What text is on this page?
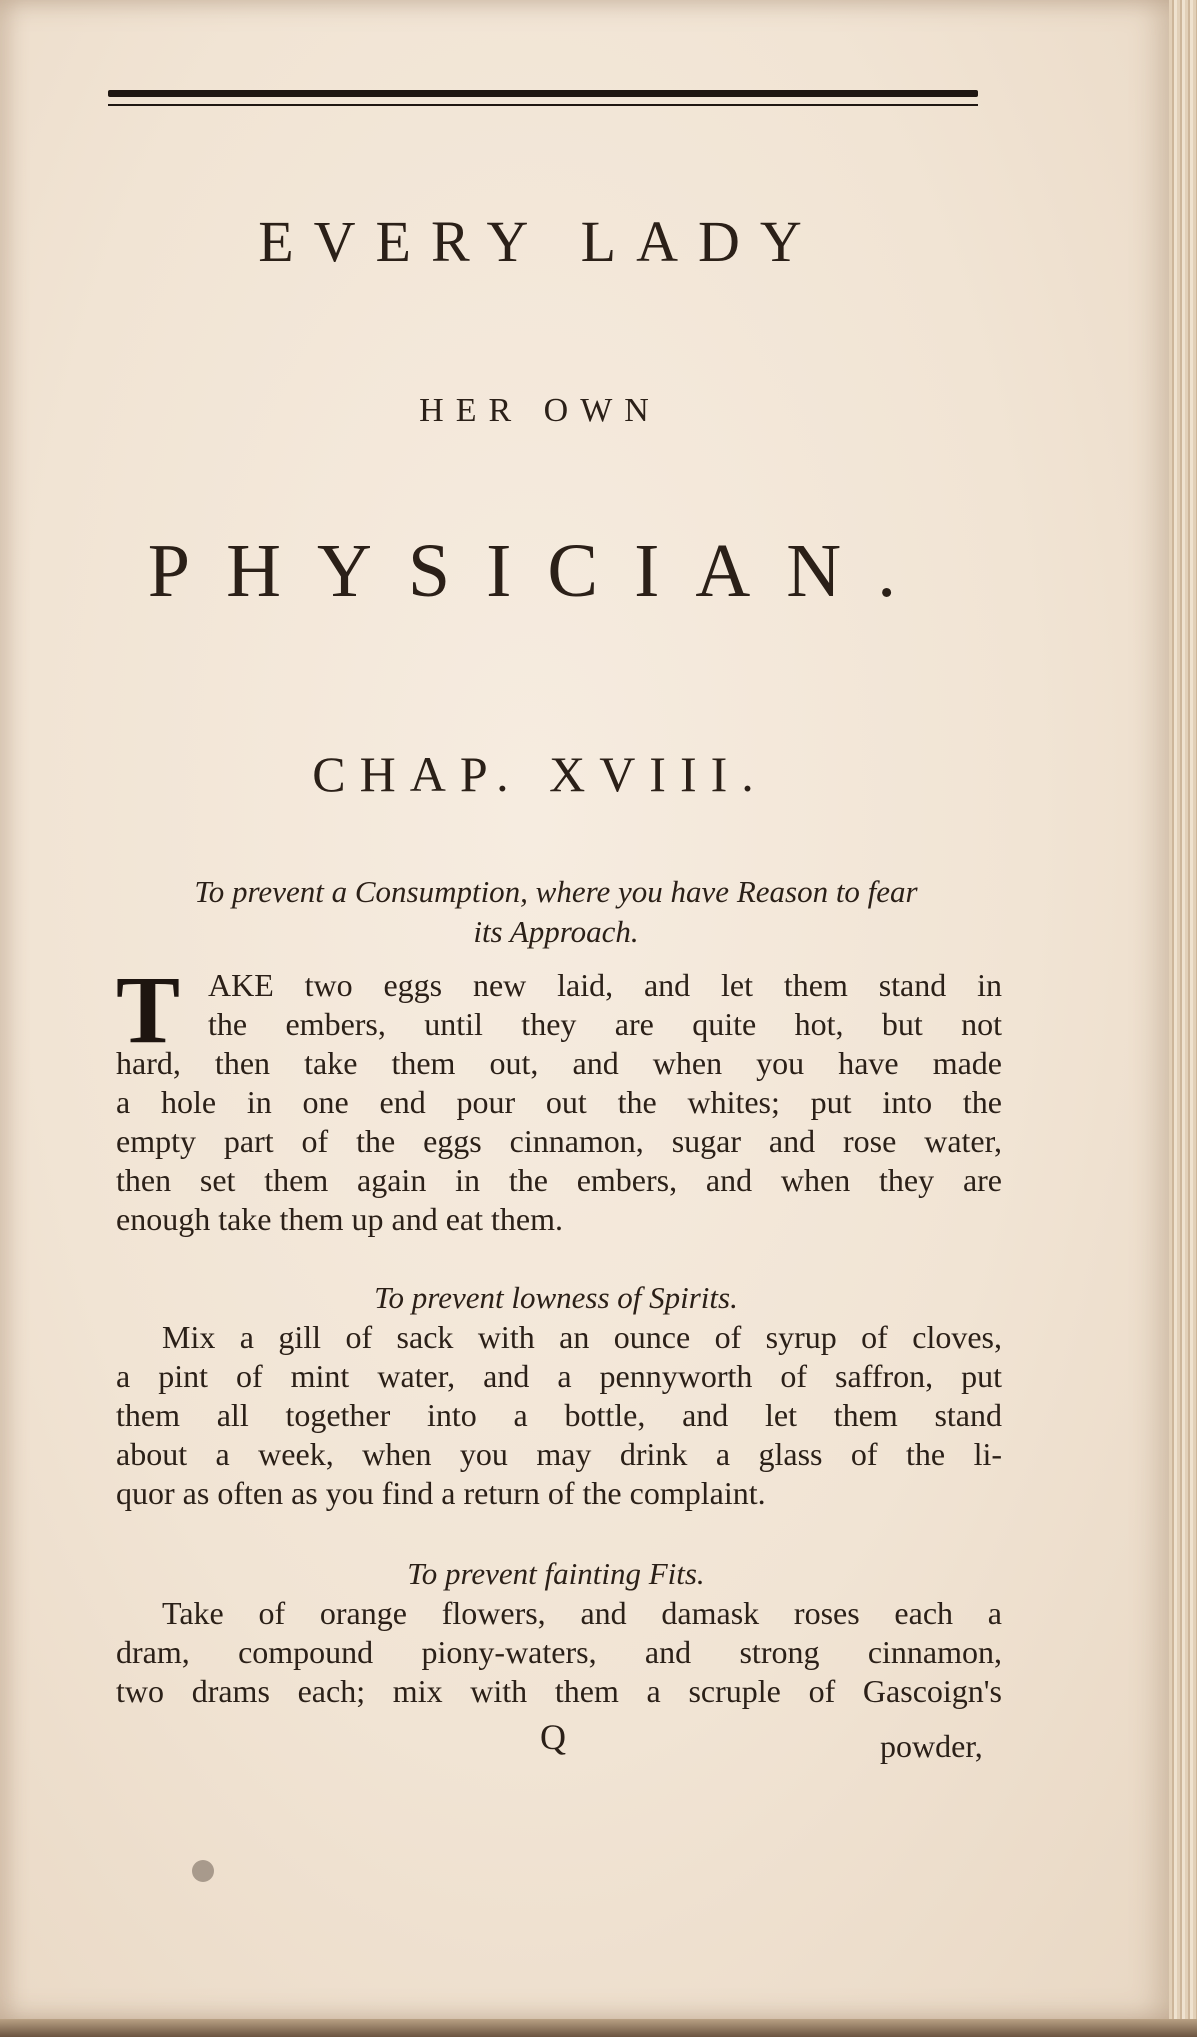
EVERY LADY
HER OWN
PHYSICIAN.
CHAP. XVIII.
To prevent a Consumption, where you have Reason to fear
its Approach.
T AKE two eggs new laid, and let them stand in
the embers, until they are quite hot, but not
hard, then take them out, and when you have made
a hole in one end pour out the whites; put into the
empty part of the eggs cinnamon, sugar and rose water,
then set them again in the embers, and when they are
enough take them up and eat them.
To prevent lowness of Spirits.
Mix a gill of sack with an ounce of syrup of cloves,
a pint of mint water, and a pennyworth of saffron, put
them all together into a bottle, and let them stand
about a week, when you may drink a glass of the li-
quor as often as you find a return of the complaint.
To prevent fainting Fits.
Take of orange flowers, and damask roses each a
dram, compound piony-waters, and strong cinnamon,
two drams each; mix with them a scruple of Gascoign's
Q	powder,
